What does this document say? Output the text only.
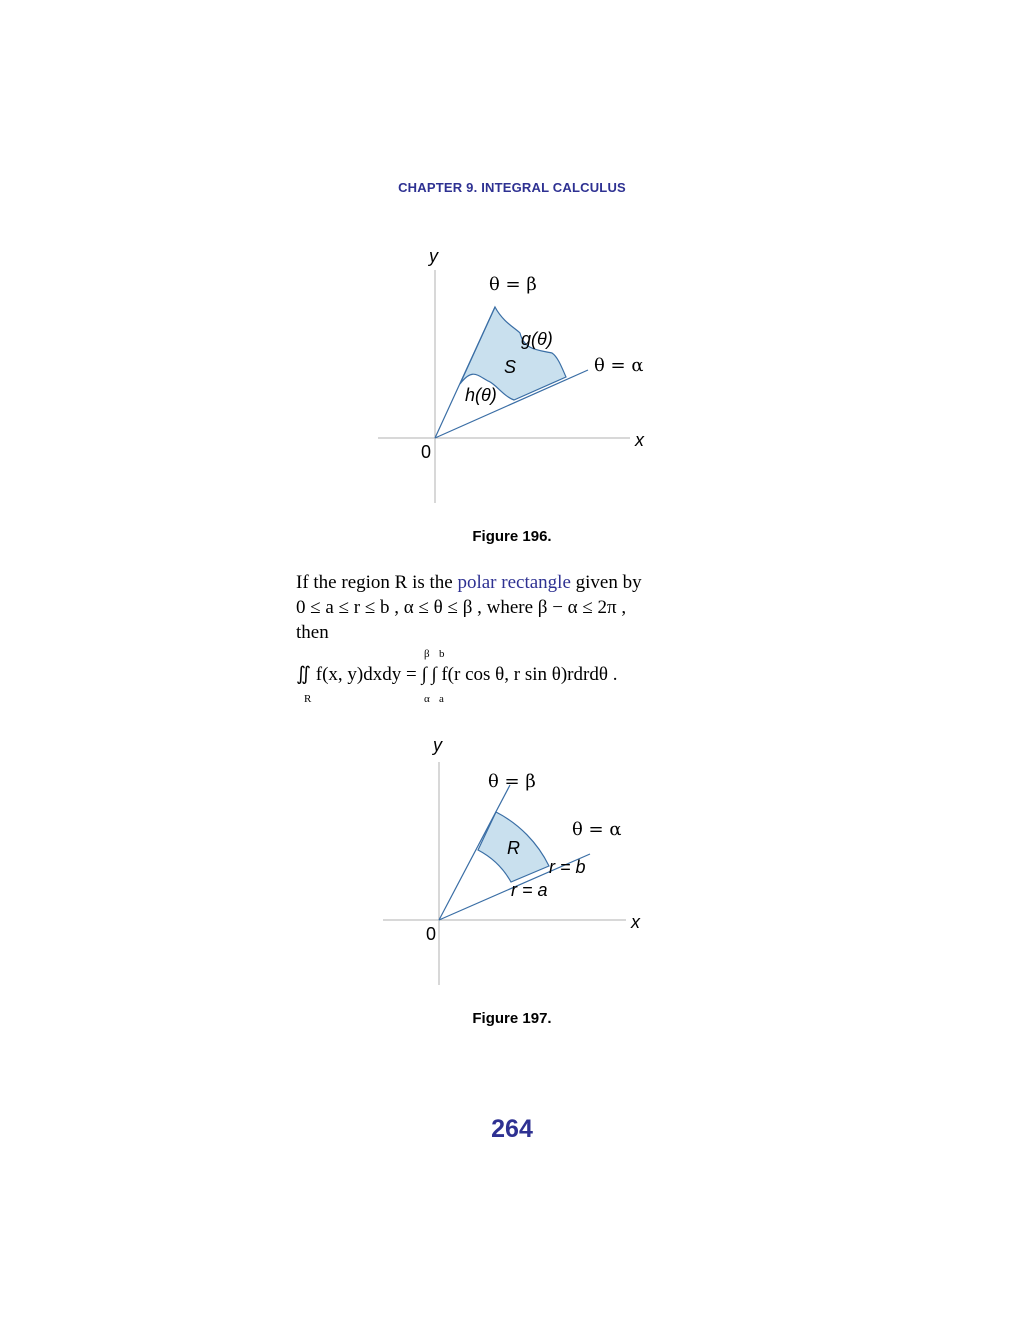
CHAPTER 9. INTEGRAL CALCULUS
y
x
0
θ = β
θ = α
g(θ)
h(θ)
S
Figure 196.

If the region R is the polar rectangle given by

0 ≤ a ≤ r ≤ b , α ≤ θ ≤ β , where β − α ≤ 2π ,

then

β b
∬ f(x, y)dxdy = ∫ ∫ f(r cos θ, r sin θ)rdrdθ .
R	α a
y
x
0
θ = β
θ = α
r = b
r = a
R
Figure 197.
264
